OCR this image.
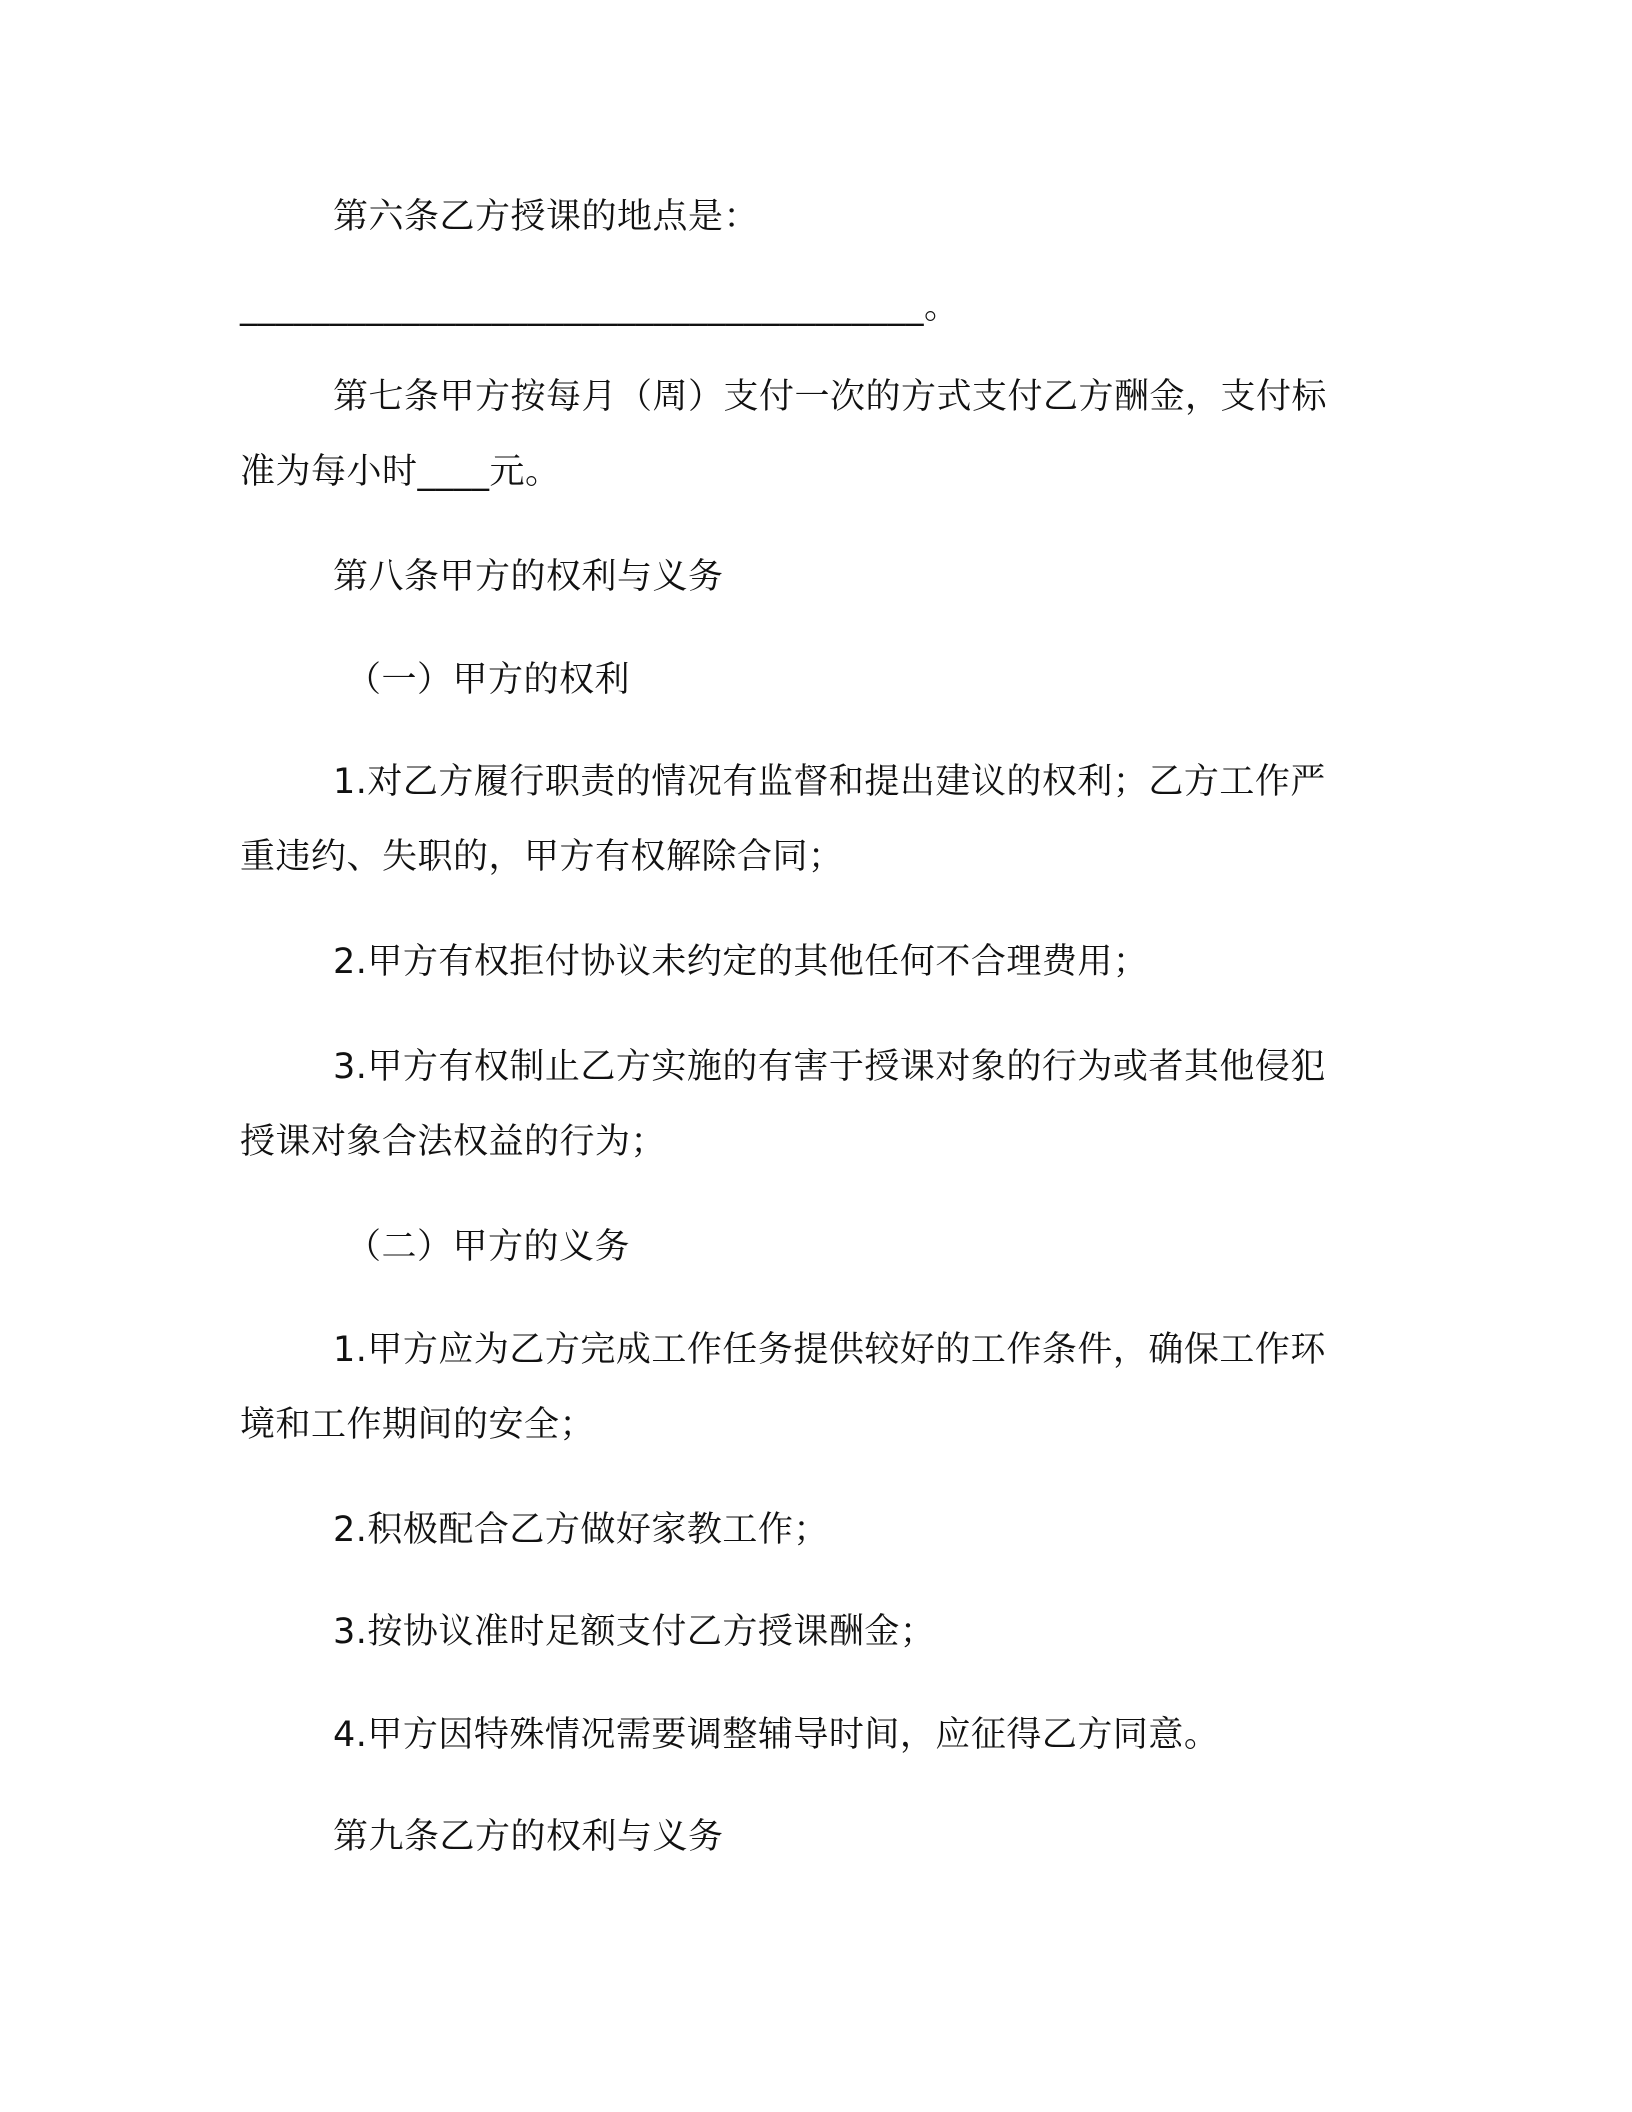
第六条乙方授课的地点是：
______________________________________。
第七条甲方按每月（周）支付一次的方式支付乙方酬金，支付标
准为每小时____元。
第八条甲方的权利与义务
（一）甲方的权利
1.对乙方履行职责的情况有监督和提出建议的权利；乙方工作严
重违约、失职的，甲方有权解除合同；
2.甲方有权拒付协议未约定的其他任何不合理费用；
3.甲方有权制止乙方实施的有害于授课对象的行为或者其他侵犯
授课对象合法权益的行为；
（二）甲方的义务
1.甲方应为乙方完成工作任务提供较好的工作条件，确保工作环
境和工作期间的安全；
2.积极配合乙方做好家教工作；
3.按协议准时足额支付乙方授课酬金；
4.甲方因特殊情况需要调整辅导时间，应征得乙方同意。
第九条乙方的权利与义务
